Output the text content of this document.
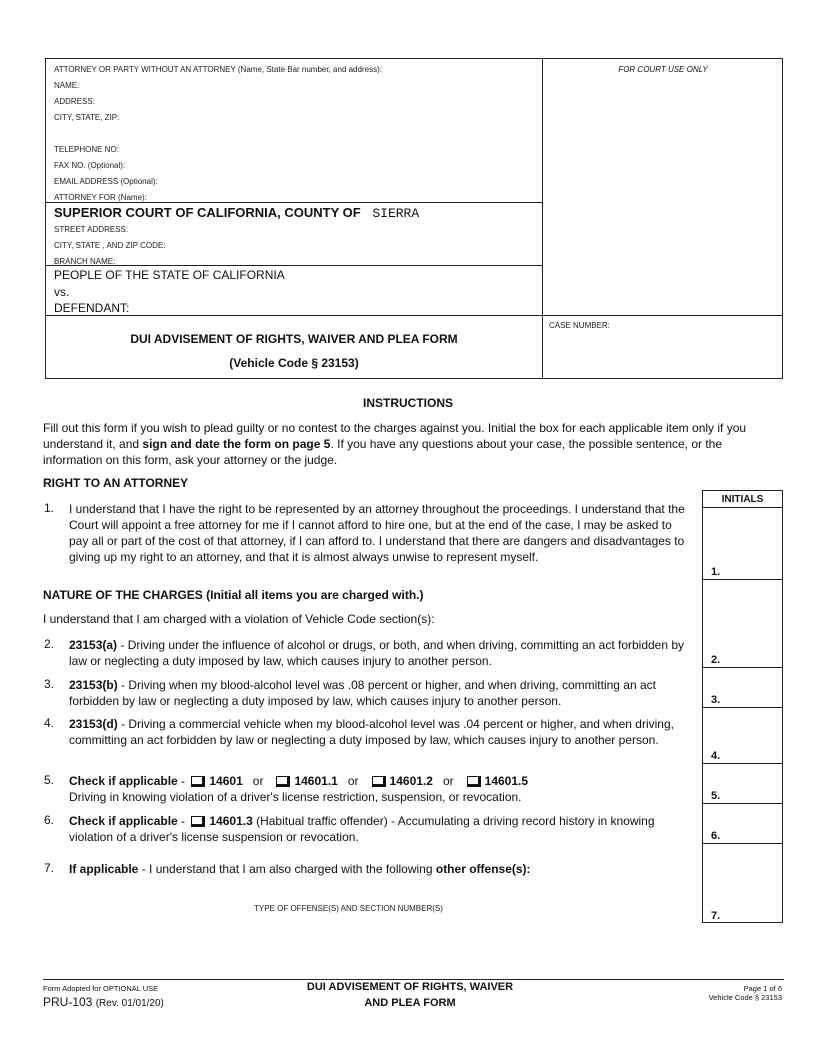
ATTORNEY OR PARTY WITHOUT AN ATTORNEY (Name, State Bar number, and address):
NAME:
ADDRESS:
CITY, STATE, ZIP:
TELEPHONE NO:
FAX NO. (Optional):
EMAIL ADDRESS (Optional):
ATTORNEY FOR (Name):
FOR COURT USE ONLY
SUPERIOR COURT OF CALIFORNIA, COUNTY OF SIERRA
STREET ADDRESS:
CITY, STATE , AND ZIP CODE:
BRANCH NAME:
PEOPLE OF THE STATE OF CALIFORNIA
vs.
DEFENDANT:
DUI ADVISEMENT OF RIGHTS, WAIVER AND PLEA FORM
(Vehicle Code § 23153)
CASE NUMBER:
INSTRUCTIONS
Fill out this form if you wish to plead guilty or no contest to the charges against you. Initial the box for each applicable item only if you understand it, and sign and date the form on page 5. If you have any questions about your case, the possible sentence, or the information on this form, ask your attorney or the judge.
RIGHT TO AN ATTORNEY
INITIALS
1.
2.
3.
4.
5.
6.
7.
1. I understand that I have the right to be represented by an attorney throughout the proceedings. I understand that the Court will appoint a free attorney for me if I cannot afford to hire one, but at the end of the case, I may be asked to pay all or part of the cost of that attorney, if I can afford to. I understand that there are dangers and disadvantages to giving up my right to an attorney, and that it is almost always unwise to represent myself.
NATURE OF THE CHARGES (Initial all items you are charged with.)
I understand that I am charged with a violation of Vehicle Code section(s):
2. 23153(a) - Driving under the influence of alcohol or drugs, or both, and when driving, committing an act forbidden by law or neglecting a duty imposed by law, which causes injury to another person.
3. 23153(b) - Driving when my blood-alcohol level was .08 percent or higher, and when driving, committing an act forbidden by law or neglecting a duty imposed by law, which causes injury to another person.
4. 23153(d) - Driving a commercial vehicle when my blood-alcohol level was .04 percent or higher, and when driving, committing an act forbidden by law or neglecting a duty imposed by law, which causes injury to another person.
5. Check if applicable - 14601 or	14601.1 or	14601.2 or	14601.5
Driving in knowing violation of a driver's license restriction, suspension, or revocation.
6. Check if applicable - 14601.3 (Habitual traffic offender) - Accumulating a driving record history in knowing violation of a driver's license suspension or revocation.
7. If applicable - I understand that I am also charged with the following other offense(s):
TYPE OF OFFENSE(S) AND SECTION NUMBER(S)
Form Adopted for OPTIONAL USE
PRU-103 (Rev. 01/01/20)
DUI ADVISEMENT OF RIGHTS, WAIVER
AND PLEA FORM
Page 1 of 6
Vehicle Code § 23153
